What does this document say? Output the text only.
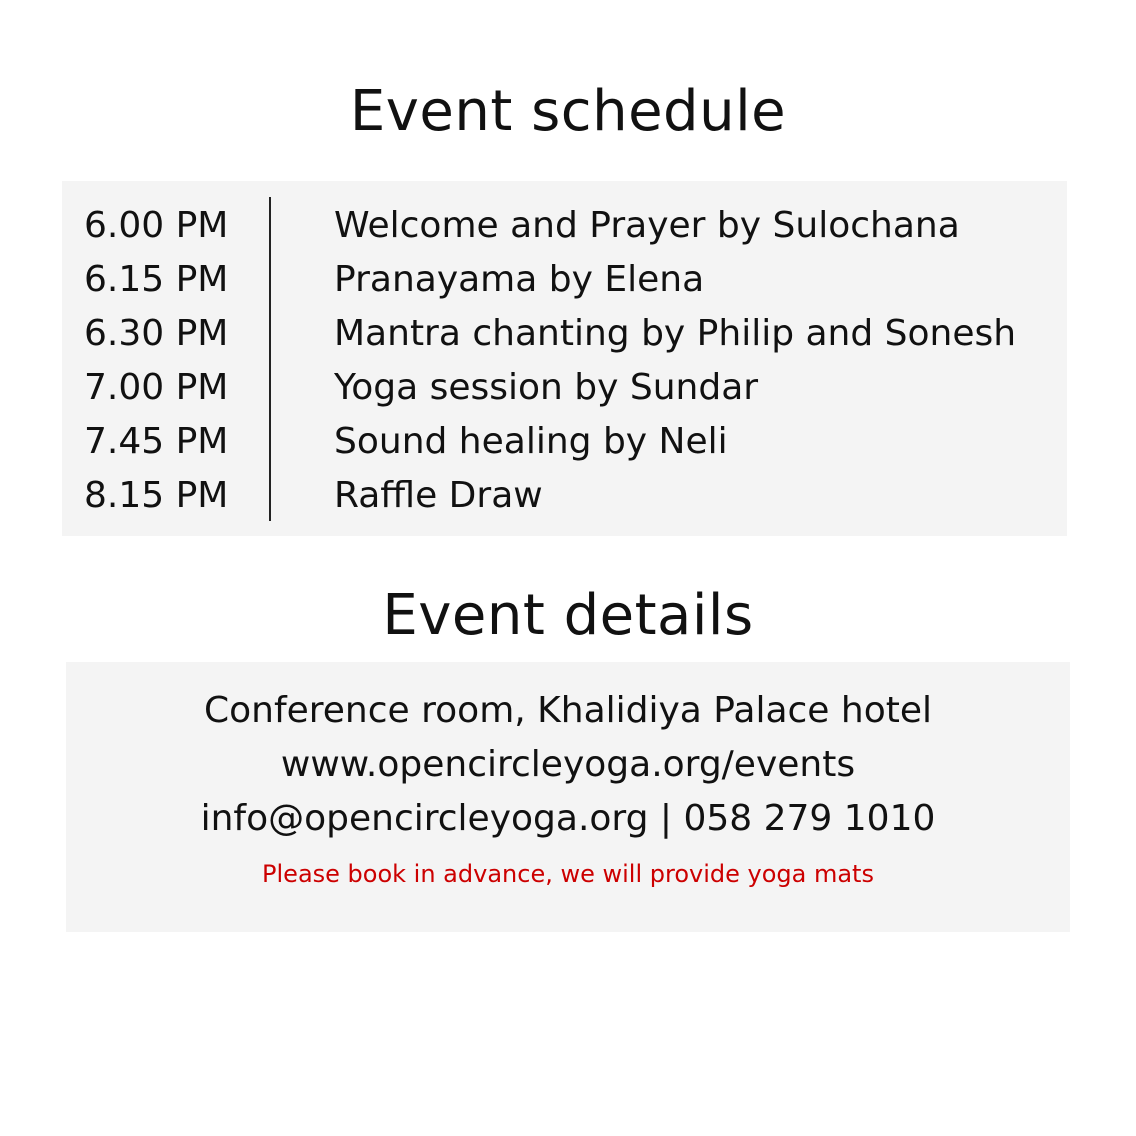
Event schedule
6.00 PM	Welcome and Prayer by Sulochana
6.15 PM	Pranayama by Elena
6.30 PM	Mantra chanting by Philip and Sonesh
7.00 PM	Yoga session by Sundar
7.45 PM	Sound healing by Neli
8.15 PM	Raffle Draw
Event details
Conference room, Khalidiya Palace hotel
www.opencircleyoga.org/events
info@opencircleyoga.org | 058 279 1010
Please book in advance, we will provide yoga mats
